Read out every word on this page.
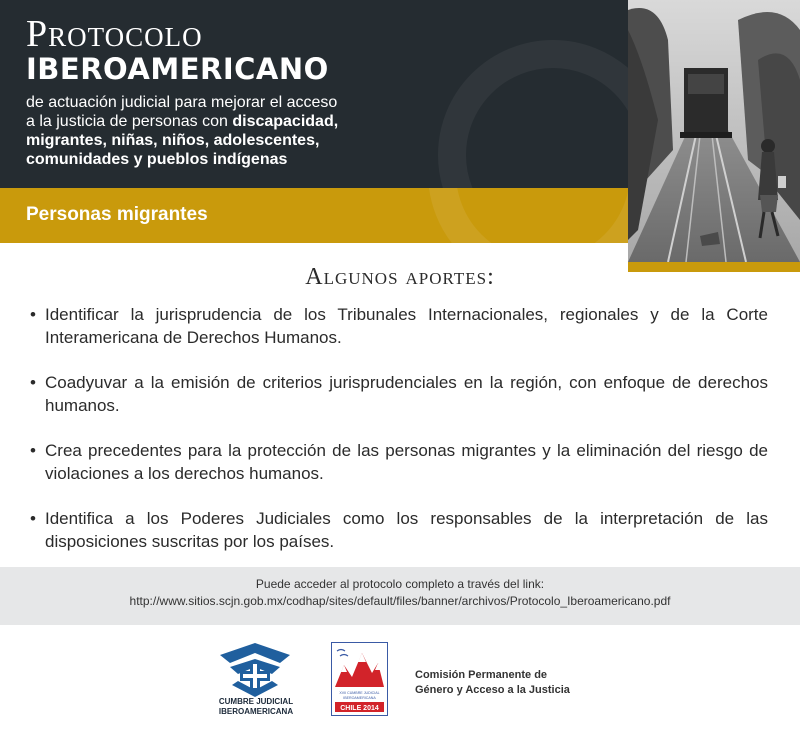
Protocolo
IBEROAMERICANO
de actuación judicial para mejorar el acceso
a la justicia de personas con discapacidad,
migrantes, niñas, niños, adolescentes,
comunidades y pueblos indígenas
Personas migrantes
Algunos aportes:
• Identificar la jurisprudencia de los Tribunales Internacionales, regionales y de la Corte Interamericana de Derechos Humanos.
• Coadyuvar a la emisión de criterios jurisprudenciales en la región, con enfoque de derechos humanos.
• Crea precedentes para la protección de las personas migrantes y la eliminación del riesgo de violaciones a los derechos humanos.
• Identifica a los Poderes Judiciales como los responsables de la interpretación de las disposiciones suscritas por los países.
Puede acceder al protocolo completo a través del link:
http://www.sitios.scjn.gob.mx/codhap/sites/default/files/banner/archivos/Protocolo_Iberoamericano.pdf
CUMBRE JUDICIAL
IBEROAMERICANA
XVII CUMBRE JUDICIAL
IBEROAMERICANA
CHILE 2014
Comisión Permanente de
Género y Acceso a la Justicia
